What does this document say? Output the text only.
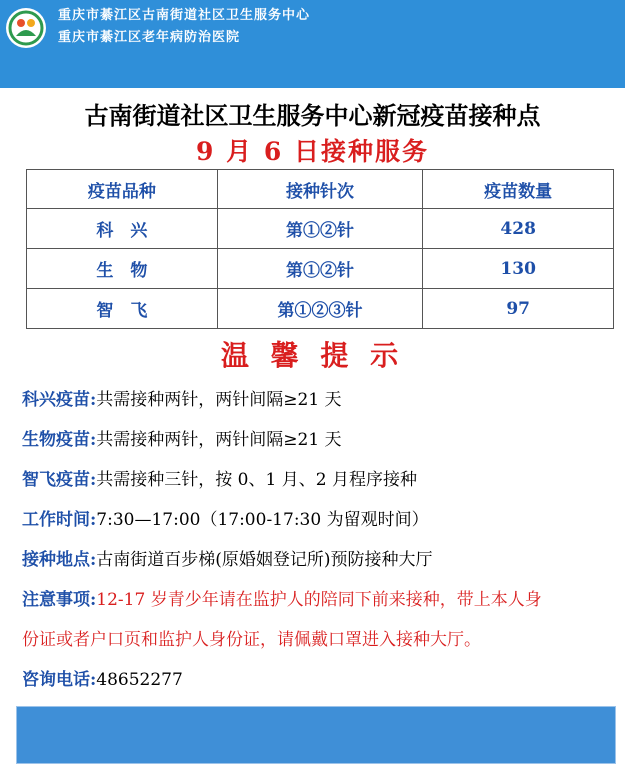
重庆市綦江区古南街道社区卫生服务中心
重庆市綦江区老年病防治医院
古南街道社区卫生服务中心新冠疫苗接种点
9 月 6 日接种服务
疫苗品种	接种针次	疫苗数量
科　兴	第①②针	428
生　物	第①②针	130
智　飞	第①②③针	97
温 馨 提 示
科兴疫苗:共需接种两针，两针间隔≥21 天
生物疫苗:共需接种两针，两针间隔≥21 天
智飞疫苗:共需接种三针，按 0、1 月、2 月程序接种
工作时间:7:30—17:00（17:00-17:30 为留观时间）
接种地点:古南街道百步梯(原婚姻登记所)预防接种大厅
注意事项:12-17 岁青少年请在监护人的陪同下前来接种，带上本人身
份证或者户口页和监护人身份证，请佩戴口罩进入接种大厅。
咨询电话:48652277
